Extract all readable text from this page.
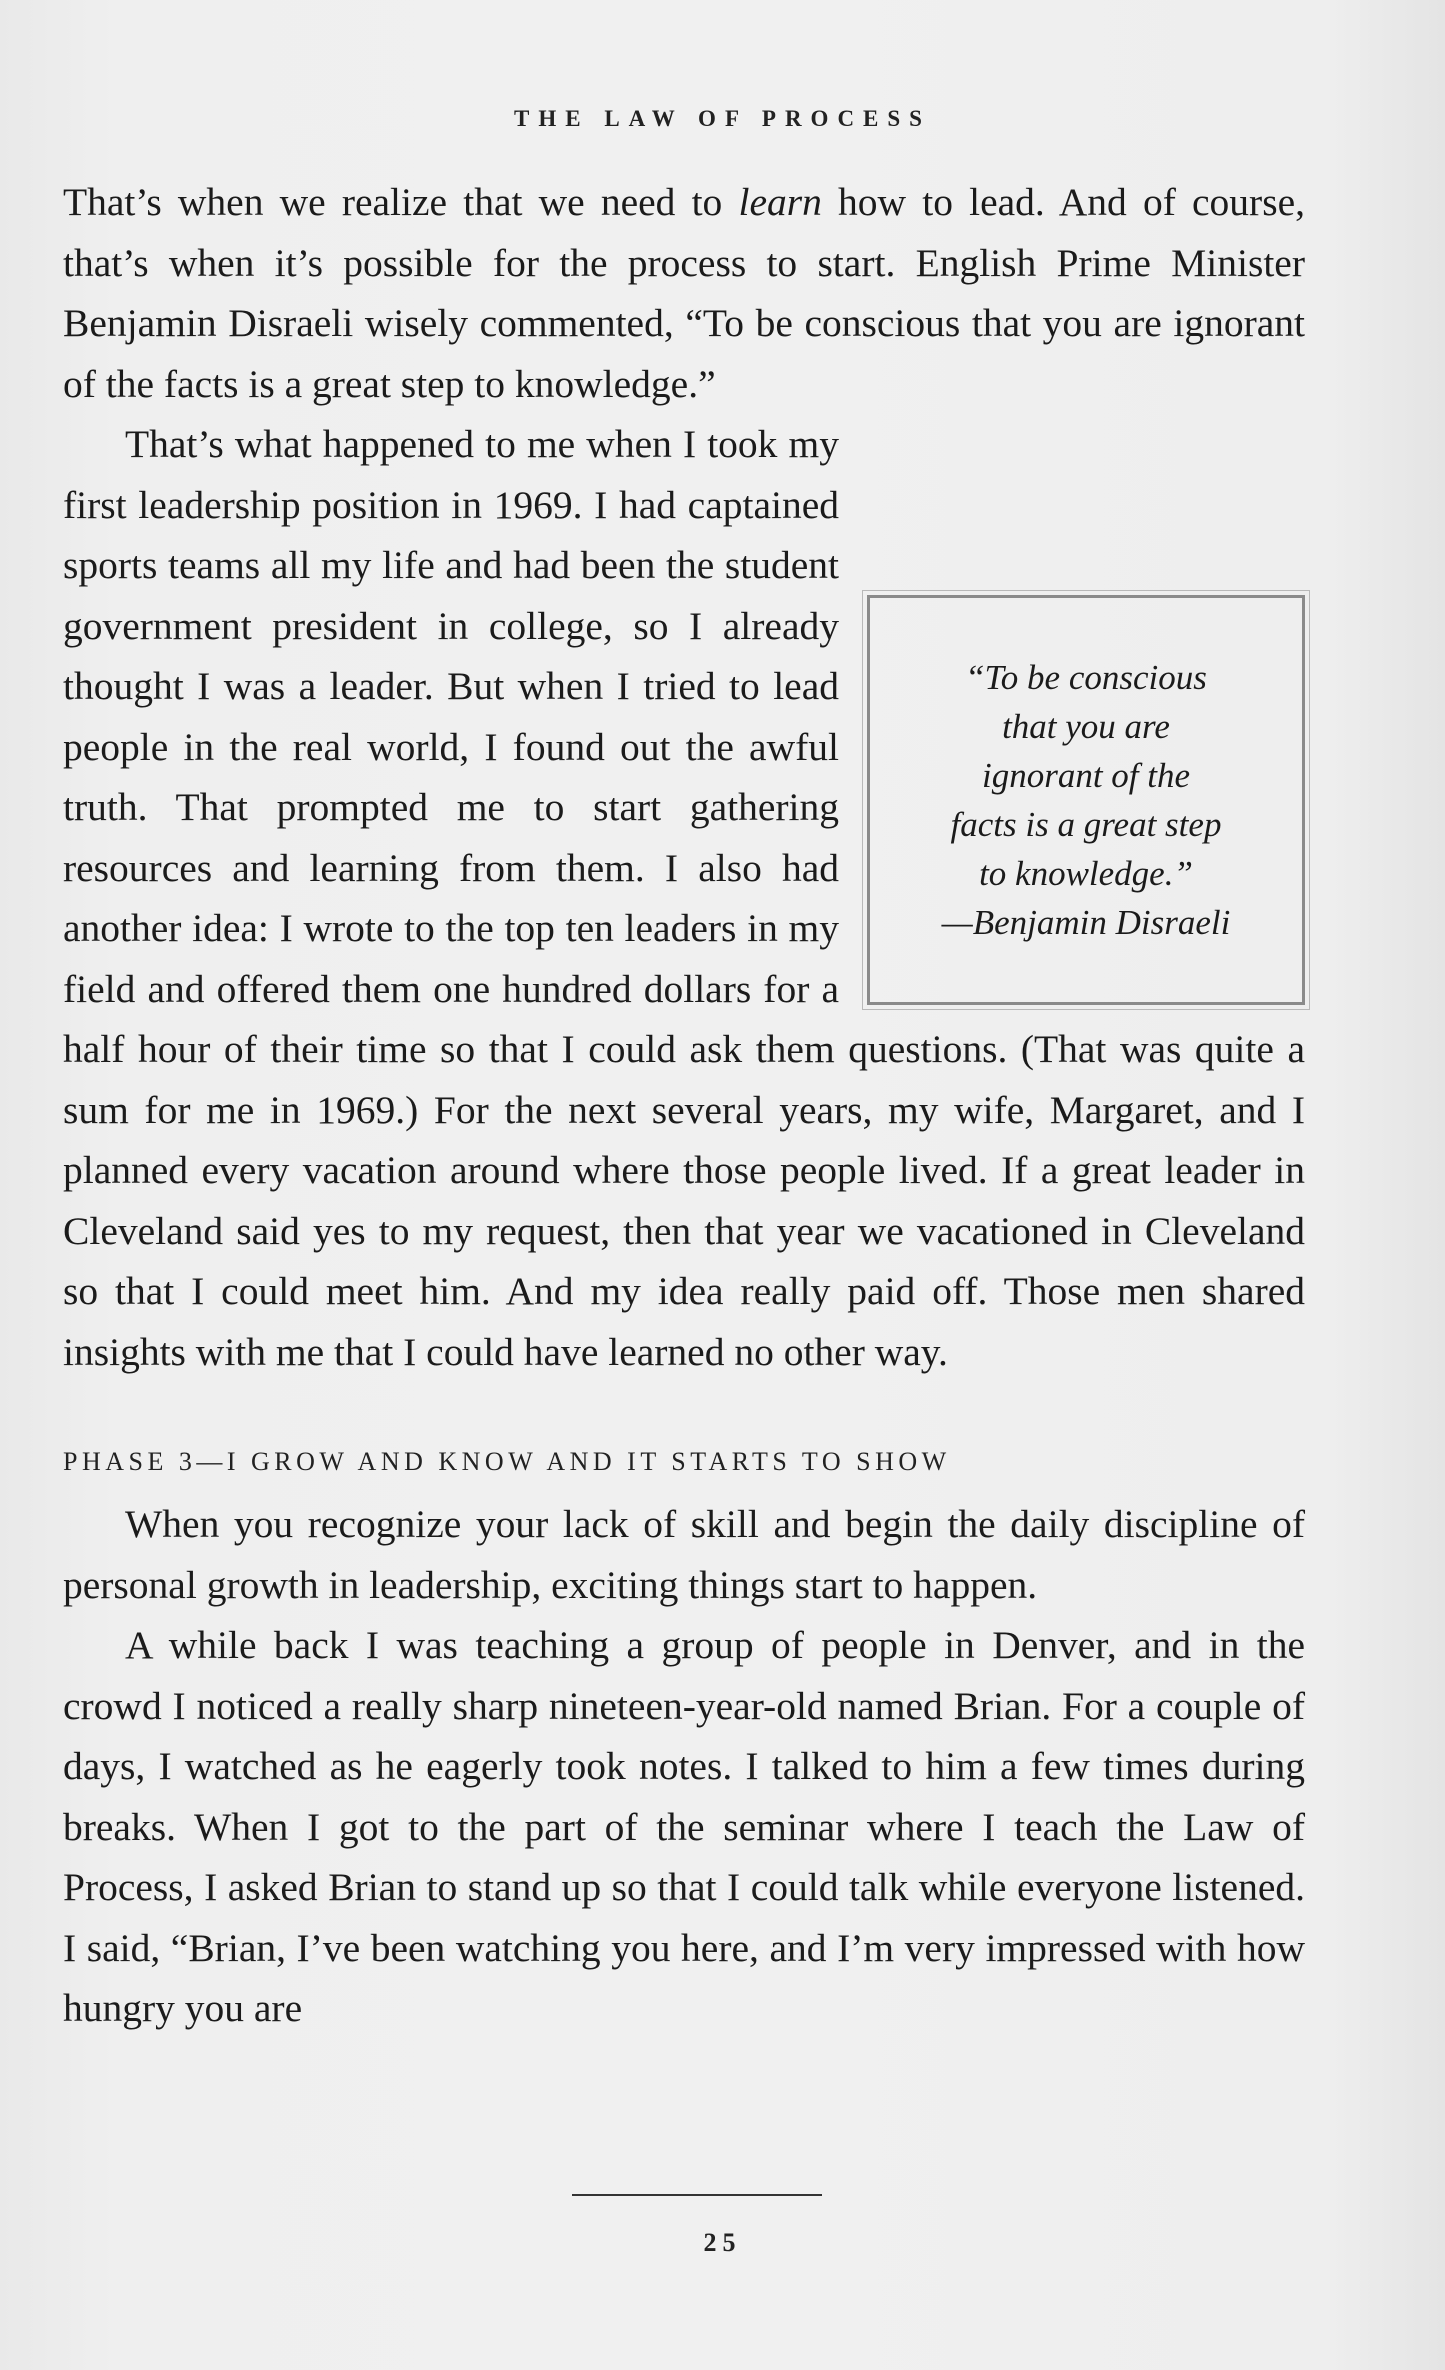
THE LAW OF PROCESS

That’s when we realize that we need to learn how to lead. And of course, that’s when it’s possible for the process to start. English Prime Minister Benjamin Disraeli wisely commented, “To be conscious that you are ignorant of the facts is a great step to knowledge.”

“To be conscious
that you are
ignorant of the
facts is a great step
to knowledge.”
—Benjamin Disraeli

That’s what happened to me when I took my first leadership position in 1969. I had captained sports teams all my life and had been the student government president in college, so I already thought I was a leader. But when I tried to lead people in the real world, I found out the awful truth. That prompted me to start gathering resources and learning from them. I also had another idea: I wrote to the top ten leaders in my field and offered them one hundred dollars for a half hour of their time so that I could ask them questions. (That was quite a sum for me in 1969.) For the next several years, my wife, Margaret, and I planned every vacation around where those people lived. If a great leader in Cleveland said yes to my request, then that year we vacationed in Cleveland so that I could meet him. And my idea really paid off. Those men shared insights with me that I could have learned no other way.

PHASE 3—I GROW AND KNOW AND IT STARTS TO SHOW

When you recognize your lack of skill and begin the daily discipline of personal growth in leadership, exciting things start to happen.

A while back I was teaching a group of people in Denver, and in the crowd I noticed a really sharp nineteen-year-old named Brian. For a couple of days, I watched as he eagerly took notes. I talked to him a few times during breaks. When I got to the part of the seminar where I teach the Law of Process, I asked Brian to stand up so that I could talk while everyone listened. I said, “Brian, I’ve been watching you here, and I’m very impressed with how hungry you are

25
